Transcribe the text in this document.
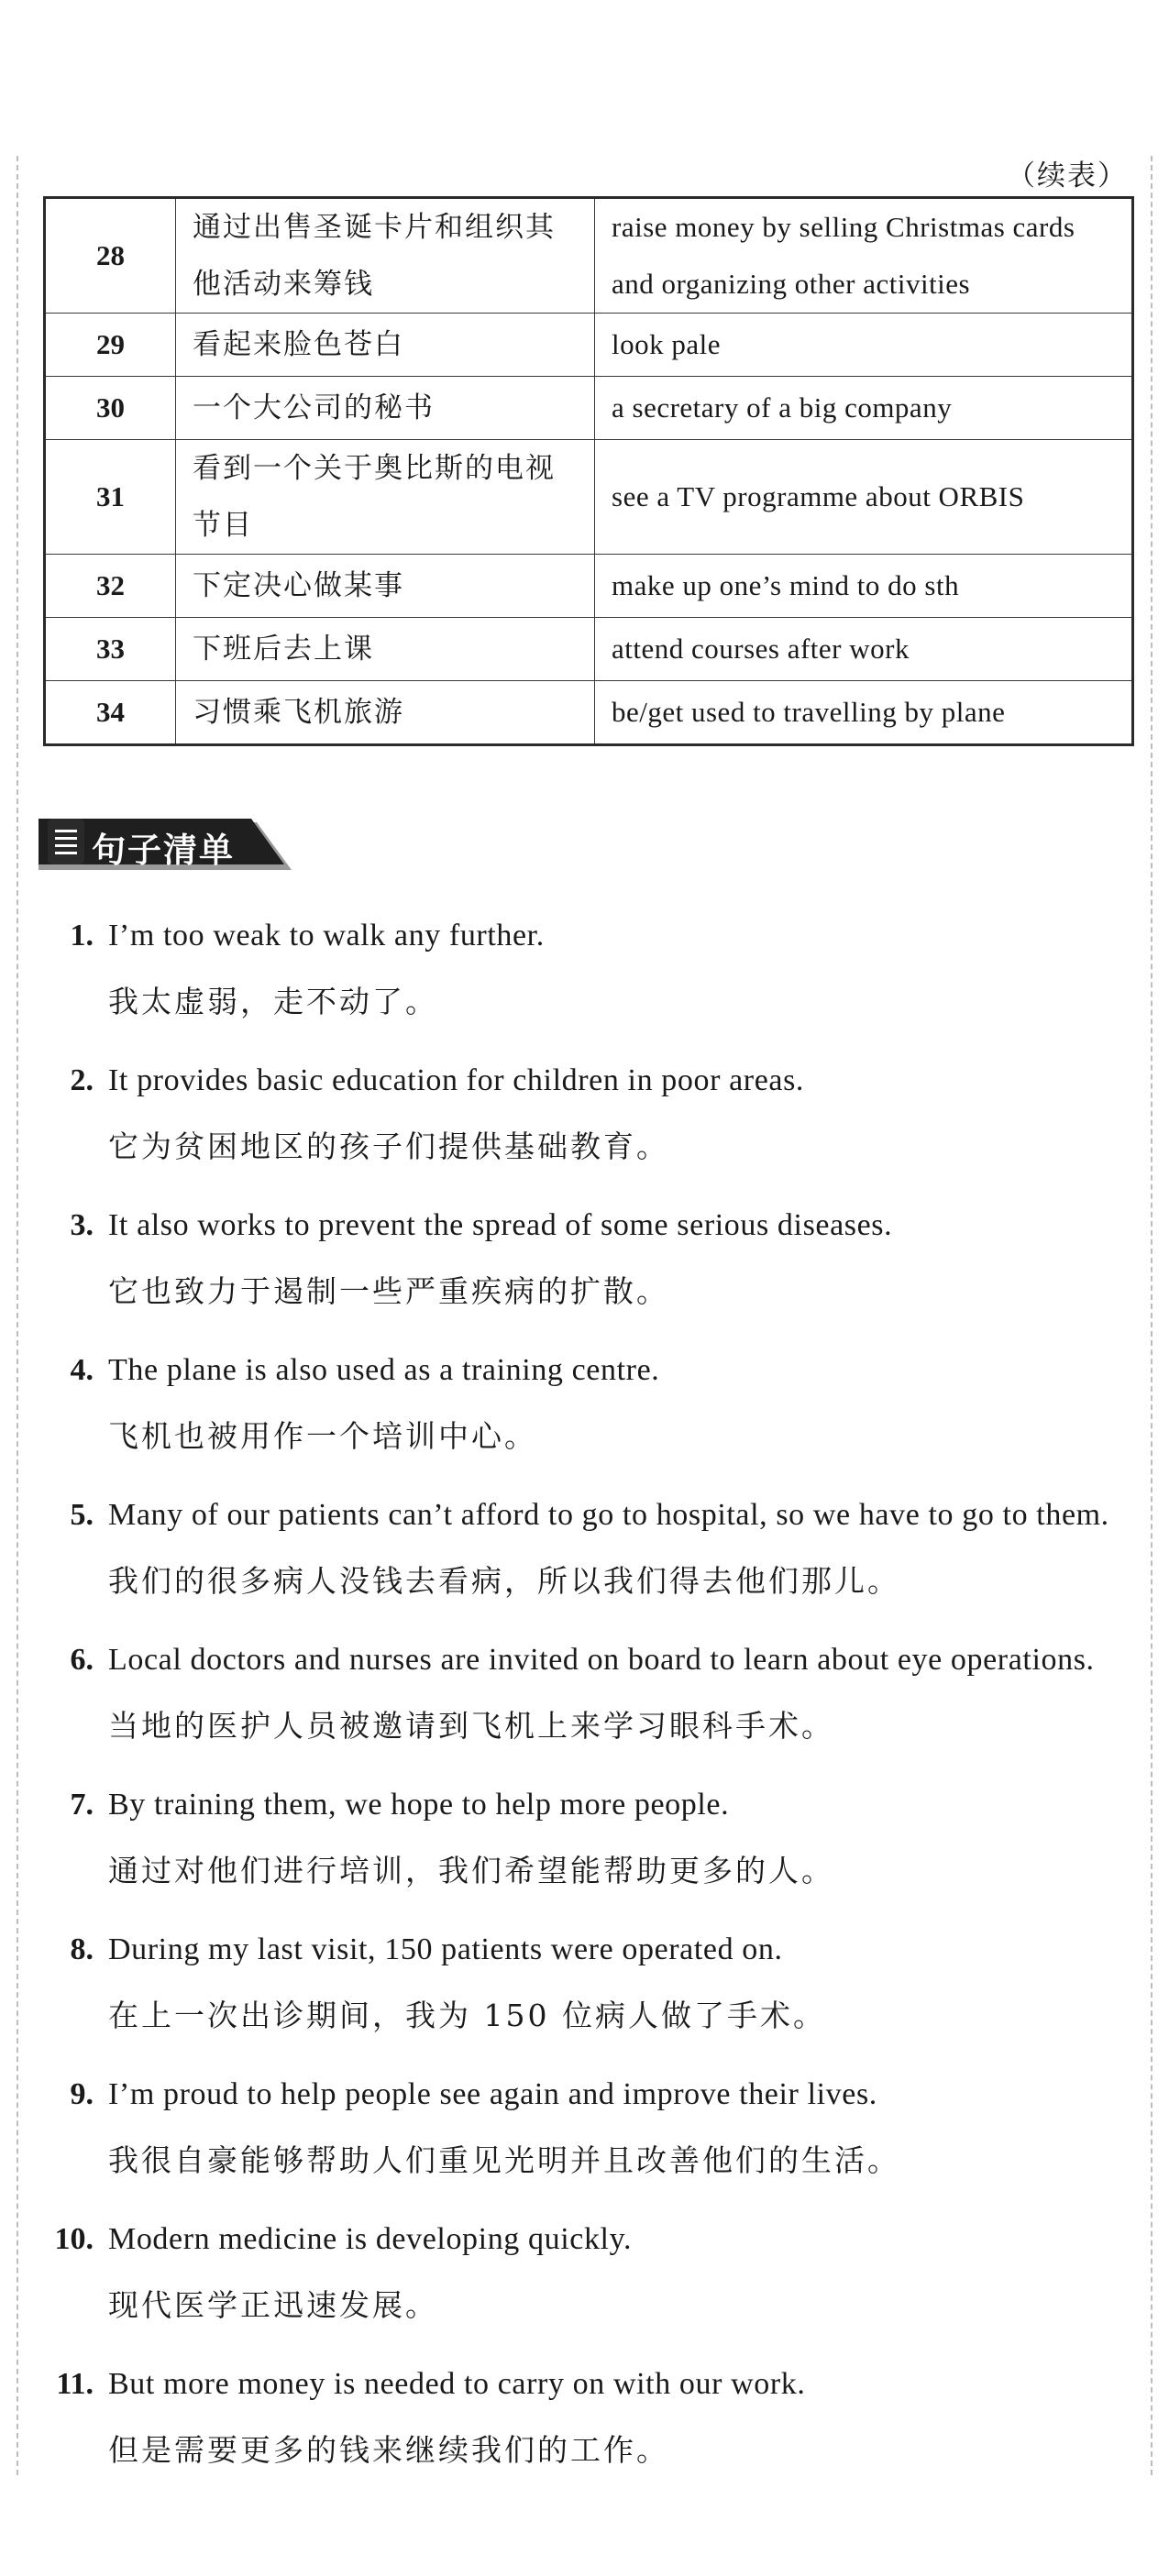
（续表）
28	通过出售圣诞卡片和组织其他活动来筹钱	raise money by selling Christmas cards and organizing other activities
29	看起来脸色苍白	look pale
30	一个大公司的秘书	a secretary of a big company
31	看到一个关于奥比斯的电视节目	see a TV programme about ORBIS
32	下定决心做某事	make up one’s mind to do sth
33	下班后去上课	attend courses after work
34	习惯乘飞机旅游	be/get used to travelling by plane
句子清单
1. I’m too weak to walk any further.

我太虚弱，走不动了。

2. It provides basic education for children in poor areas.

它为贫困地区的孩子们提供基础教育。

3. It also works to prevent the spread of some serious diseases.

它也致力于遏制一些严重疾病的扩散。

4. The plane is also used as a training centre.

飞机也被用作一个培训中心。

5. Many of our patients can’t afford to go to hospital, so we have to go to them.

我们的很多病人没钱去看病，所以我们得去他们那儿。

6. Local doctors and nurses are invited on board to learn about eye operations.

当地的医护人员被邀请到飞机上来学习眼科手术。

7. By training them, we hope to help more people.

通过对他们进行培训，我们希望能帮助更多的人。

8. During my last visit, 150 patients were operated on.

在上一次出诊期间，我为 150 位病人做了手术。

9. I’m proud to help people see again and improve their lives.

我很自豪能够帮助人们重见光明并且改善他们的生活。

10. Modern medicine is developing quickly.

现代医学正迅速发展。

11. But more money is needed to carry on with our work.

但是需要更多的钱来继续我们的工作。
